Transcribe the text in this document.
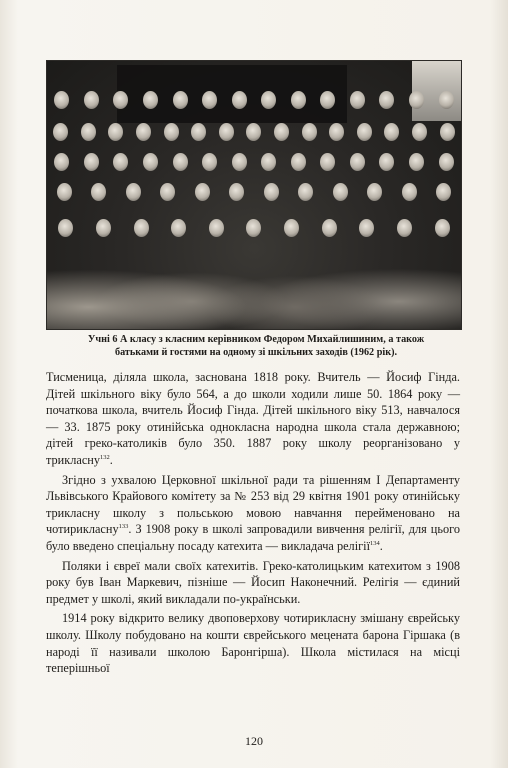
Учні 6 А класу з класним керівником Федором Михайлишиним, а також
батьками й гостями на одному зі шкільних заходів (1962 рік).

Тисменица, діляла школа, заснована 1818 року. Вчитель — Йосиф Гінда. Дітей шкільного віку було 564, а до школи ходили лише 50. 1864 року — початкова школа, вчитель Йосиф Гінда. Дітей шкільного віку 513, навчалося — 33. 1875 року отинійська однокласна народна школа стала державною; дітей греко-католиків було 350. 1887 року школу реорганізовано у трикласну$^{132}$.

Згідно з ухвалою Церковної шкільної ради та рішенням I Департаменту Львівського Крайового комітету за № 253 від 29 квітня 1901 року отинійську трикласну школу з польською мовою навчання перейменовано на чотирикласну$^{133}$. З 1908 року в школі запровадили вивчення релігії, для цього було введено спеціальну посаду катехита — викладача релігії$^{134}$.

Поляки і євреї мали своїх катехитів. Греко-католицьким катехитом з 1908 року був Іван Маркевич, пізніше — Йосип Наконечний. Релігія — єдиний предмет у школі, який викладали по-українськи.

1914 року відкрито велику двоповерхову чотирикласну змішану єврейську школу. Школу побудовано на кошти єврейського мецената барона Гіршака (в народі її називали школою Баронгірша). Школа містилася на місці теперішньої

120
